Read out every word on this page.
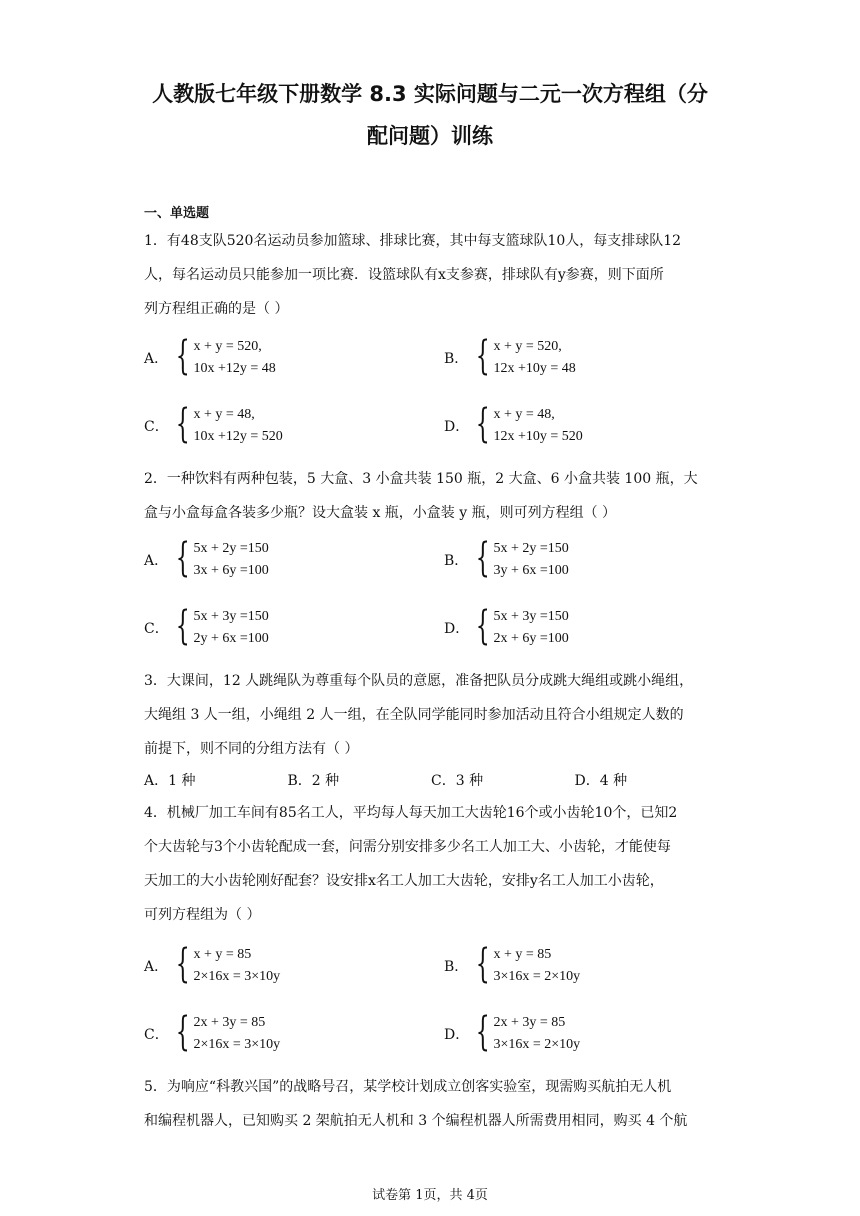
人教版七年级下册数学 8.3 实际问题与二元一次方程组（分
配问题）训练
一、单选题
1．有48支队520名运动员参加篮球、排球比赛，其中每支篮球队10人，每支排球队12
人，每名运动员只能参加一项比赛．设篮球队有x支参赛，排球队有y参赛，则下面所
列方程组正确的是（ ）
A． { x + y = 520,
10x +12y = 48
B． { x + y = 520,
12x +10y = 48
C． { x + y = 48,
10x +12y = 520
D． { x + y = 48,
12x +10y = 520
2．一种饮料有两种包装，5 大盒、3 小盒共装 150 瓶，2 大盒、6 小盒共装 100 瓶，大
盒与小盒每盒各装多少瓶？设大盒装 x 瓶，小盒装 y 瓶，则可列方程组（ ）
A． { 5x + 2y =150
3x + 6y =100
B． { 5x + 2y =150
3y + 6x =100
C． { 5x + 3y =150
2y + 6x =100
D． { 5x + 3y =150
2x + 6y =100
3．大课间，12 人跳绳队为尊重每个队员的意愿，准备把队员分成跳大绳组或跳小绳组，
大绳组 3 人一组，小绳组 2 人一组，在全队同学能同时参加活动且符合小组规定人数的
前提下，则不同的分组方法有（ ）
A．1 种	B．2 种	C．3 种	D．4 种
4．机械厂加工车间有85名工人，平均每人每天加工大齿轮16个或小齿轮10个，已知2
个大齿轮与3个小齿轮配成一套，问需分别安排多少名工人加工大、小齿轮，才能使每
天加工的大小齿轮刚好配套？设安排x名工人加工大齿轮，安排y名工人加工小齿轮，
可列方程组为（ ）
A． { x + y = 85
2×16x = 3×10y
B． { x + y = 85
3×16x = 2×10y
C． { 2x + 3y = 85
2×16x = 3×10y
D． { 2x + 3y = 85
3×16x = 2×10y
5．为响应“科教兴国”的战略号召，某学校计划成立创客实验室，现需购买航拍无人机
和编程机器人，已知购买 2 架航拍无人机和 3 个编程机器人所需费用相同，购买 4 个航
试卷第 1页，共 4页
